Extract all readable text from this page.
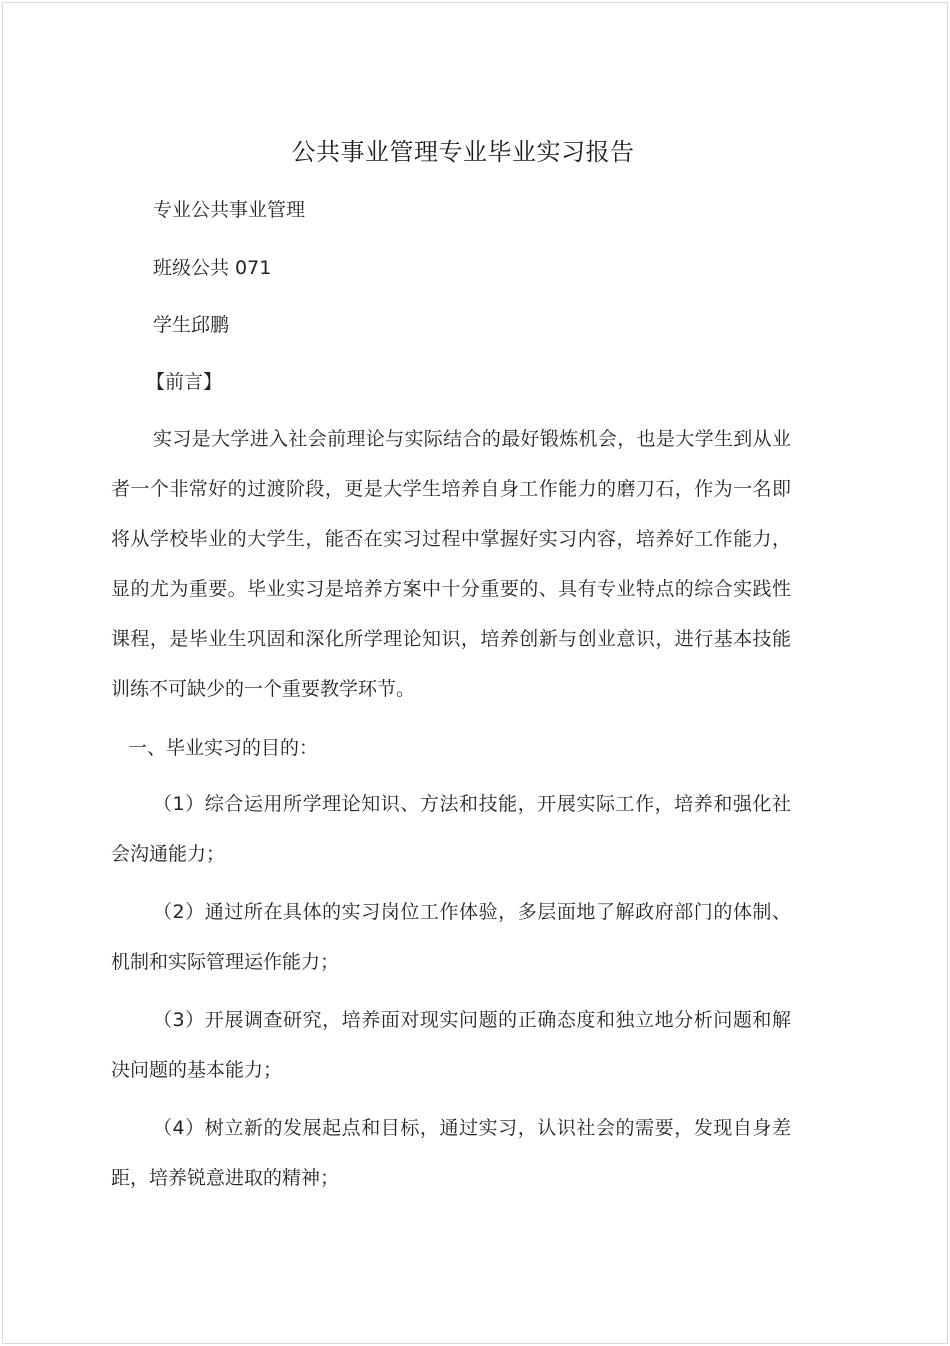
公共事业管理专业毕业实习报告
专业公共事业管理
班级公共 071
学生邱鹏
【前言】

实习是大学进入社会前理论与实际结合的最好锻炼机会，也是大学生到从业者一个非常好的过渡阶段，更是大学生培养自身工作能力的磨刀石，作为一名即将从学校毕业的大学生，能否在实习过程中掌握好实习内容，培养好工作能力，显的尤为重要。毕业实习是培养方案中十分重要的、具有专业特点的综合实践性课程，是毕业生巩固和深化所学理论知识，培养创新与创业意识，进行基本技能训练不可缺少的一个重要教学环节。

一、毕业实习的目的：

（1）综合运用所学理论知识、方法和技能，开展实际工作，培养和强化社会沟通能力；

（2）通过所在具体的实习岗位工作体验，多层面地了解政府部门的体制、机制和实际管理运作能力；

（3）开展调查研究，培养面对现实问题的正确态度和独立地分析问题和解决问题的基本能力；

（4）树立新的发展起点和目标，通过实习，认识社会的需要，发现自身差距，培养锐意进取的精神；
